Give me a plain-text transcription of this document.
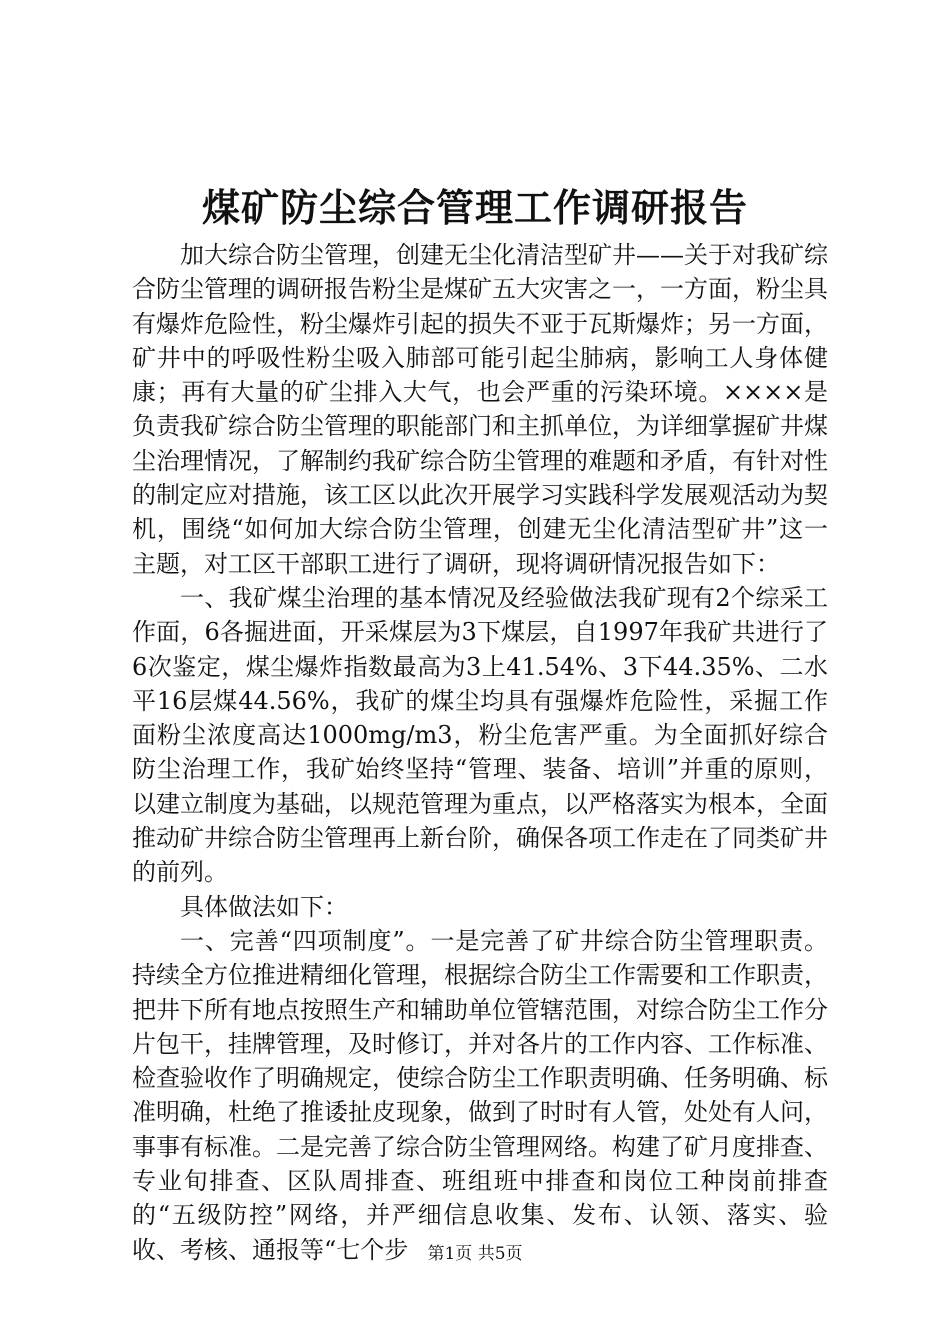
煤矿防尘综合管理工作调研报告

加大综合防尘管理，创建无尘化清洁型矿井——关于对我矿综合防尘管理的调研报告粉尘是煤矿五大灾害之一，一方面，粉尘具有爆炸危险性，粉尘爆炸引起的损失不亚于瓦斯爆炸；另一方面，矿井中的呼吸性粉尘吸入肺部可能引起尘肺病，影响工人身体健康；再有大量的矿尘排入大气，也会严重的污染环境。××××是负责我矿综合防尘管理的职能部门和主抓单位，为详细掌握矿井煤尘治理情况，了解制约我矿综合防尘管理的难题和矛盾，有针对性的制定应对措施，该工区以此次开展学习实践科学发展观活动为契机，围绕“如何加大综合防尘管理，创建无尘化清洁型矿井”这一主题，对工区干部职工进行了调研，现将调研情况报告如下：

一、我矿煤尘治理的基本情况及经验做法我矿现有2个综采工作面，6各掘进面，开采煤层为3下煤层，自1997年我矿共进行了6次鉴定，煤尘爆炸指数最高为3上41.54%、3下44.35%、二水平16层煤44.56%，我矿的煤尘均具有强爆炸危险性，采掘工作面粉尘浓度高达1000mg/m3，粉尘危害严重。为全面抓好综合防尘治理工作，我矿始终坚持“管理、装备、培训”并重的原则，以建立制度为基础，以规范管理为重点，以严格落实为根本，全面推动矿井综合防尘管理再上新台阶，确保各项工作走在了同类矿井的前列。

具体做法如下：

一、完善“四项制度”。一是完善了矿井综合防尘管理职责。持续全方位推进精细化管理，根据综合防尘工作需要和工作职责，把井下所有地点按照生产和辅助单位管辖范围，对综合防尘工作分片包干，挂牌管理，及时修订，并对各片的工作内容、工作标准、检查验收作了明确规定，使综合防尘工作职责明确、任务明确、标准明确，杜绝了推诿扯皮现象，做到了时时有人管，处处有人问，事事有标准。二是完善了综合防尘管理网络。构建了矿月度排查、专业旬排查、区队周排查、班组班中排查和岗位工种岗前排查的“五级防控”网络，并严细信息收集、发布、认领、落实、验收、考核、通报等“七个步	第1页 共5页
